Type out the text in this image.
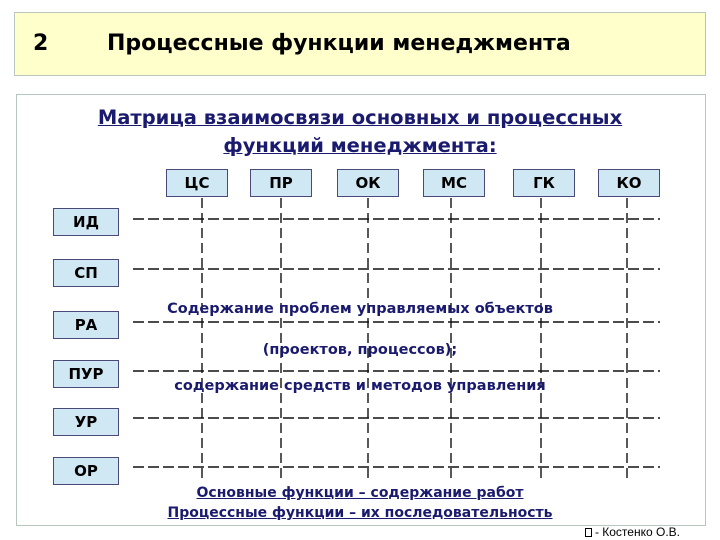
2	Процессные функции менеджмента
Матрица взаимосвязи основных и процессных
функций менеджмента:
ЦС	ПР	ОК	МС	ГК	КО
ИД
СП
РА
ПУР
УР
ОР
Содержание проблем управляемых объектов
(проектов, процессов);
содержание средств и методов управления
Основные функции – содержание работ
Процессные функции – их последовательность
- Костенко О.В.
